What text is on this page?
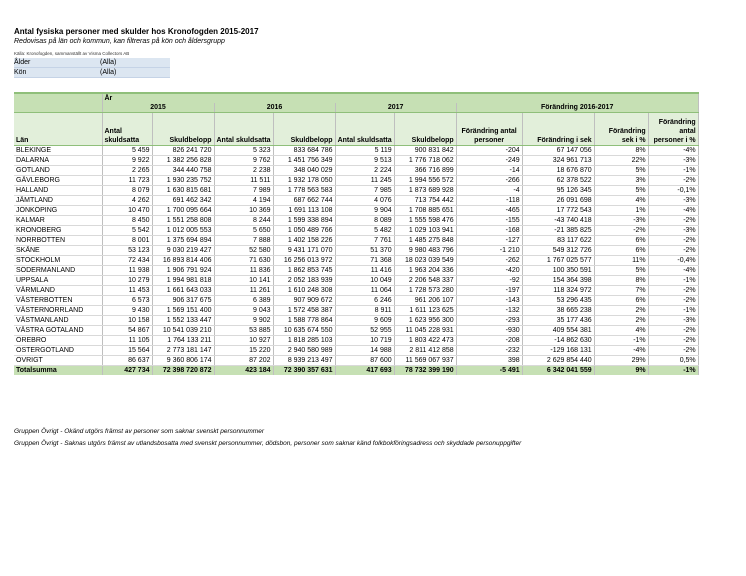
Antal fysiska personer med skulder hos Kronofogden 2015-2017
Redovisas på län och kommun, kan filtreras på kön och åldersgrupp
Källa: Kronofogden, sammanställt av Visma Collectors AB
Ålder	(Alla)
Kön	(Alla)
	År									
	2015		2016		2017		Förändring 2016-2017			
Län	Antal skuldsatta	Skuldbelopp	Antal skuldsatta	Skuldbelopp	Antal skuldsatta	Skuldbelopp	Förändring antal personer	Förändring i sek	Förändring sek i %	Förändring antal personer i %
BLEKINGE	5 459	826 241 720	5 323	833 684 786	5 119	900 831 842	-204	67 147 056	8%	-4%
DALARNA	9 922	1 382 256 828	9 762	1 451 756 349	9 513	1 776 718 062	-249	324 961 713	22%	-3%
GOTLAND	2 265	344 440 758	2 238	348 040 029	2 224	366 716 899	-14	18 676 870	5%	-1%
GÄVLEBORG	11 723	1 930 235 752	11 511	1 932 178 050	11 245	1 994 556 572	-266	62 378 522	3%	-2%
HALLAND	8 079	1 630 815 681	7 989	1 778 563 583	7 985	1 873 689 928	-4	95 126 345	5%	-0,1%
JÄMTLAND	4 262	691 462 342	4 194	687 662 744	4 076	713 754 442	-118	26 091 698	4%	-3%
JÖNKÖPING	10 470	1 700 095 664	10 369	1 691 113 108	9 904	1 708 885 651	-465	17 772 543	1%	-4%
KALMAR	8 450	1 551 258 808	8 244	1 599 338 894	8 089	1 555 598 476	-155	-43 740 418	-3%	-2%
KRONOBERG	5 542	1 012 005 553	5 650	1 050 489 766	5 482	1 029 103 941	-168	-21 385 825	-2%	-3%
NORRBOTTEN	8 001	1 375 694 894	7 888	1 402 158 226	7 761	1 485 275 848	-127	83 117 622	6%	-2%
SKÅNE	53 123	9 030 219 427	52 580	9 431 171 070	51 370	9 980 483 796	-1 210	549 312 726	6%	-2%
STOCKHOLM	72 434	16 893 814 406	71 630	16 256 013 972	71 368	18 023 039 549	-262	1 767 025 577	11%	-0,4%
SÖDERMANLAND	11 938	1 906 791 924	11 836	1 862 853 745	11 416	1 963 204 336	-420	100 350 591	5%	-4%
UPPSALA	10 279	1 994 981 818	10 141	2 052 183 939	10 049	2 206 548 337	-92	154 364 398	8%	-1%
VÄRMLAND	11 453	1 661 643 033	11 261	1 610 248 308	11 064	1 728 573 280	-197	118 324 972	7%	-2%
VÄSTERBOTTEN	6 573	906 317 675	6 389	907 909 672	6 246	961 206 107	-143	53 296 435	6%	-2%
VÄSTERNORRLAND	9 430	1 569 151 400	9 043	1 572 458 387	8 911	1 611 123 625	-132	38 665 238	2%	-1%
VÄSTMANLAND	10 158	1 552 133 447	9 902	1 588 778 864	9 609	1 623 956 300	-293	35 177 436	2%	-3%
VÄSTRA GÖTALAND	54 867	10 541 039 210	53 885	10 635 674 550	52 955	11 045 228 931	-930	409 554 381	4%	-2%
ÖREBRO	11 105	1 764 133 211	10 927	1 818 285 103	10 719	1 803 422 473	-208	-14 862 630	-1%	-2%
ÖSTERGÖTLAND	15 564	2 773 181 147	15 220	2 940 580 989	14 988	2 811 412 858	-232	-129 168 131	-4%	-2%
ÖVRIGT	86 637	9 360 806 174	87 202	8 939 213 497	87 600	11 569 067 937	398	2 629 854 440	29%	0,5%
Totalsumma	427 734	72 398 720 872	423 184	72 390 357 631	417 693	78 732 399 190	-5 491	6 342 041 559	9%	-1%
Gruppen Övrigt - Okänd utgörs främst av personer som saknar svenskt personnummer
Gruppen Övrigt - Saknas utgörs främst av utlandsbosatta med svenskt personnummer, dödsbon, personer som saknar känd folkbokföringsadress och skyddade personuppgifter
